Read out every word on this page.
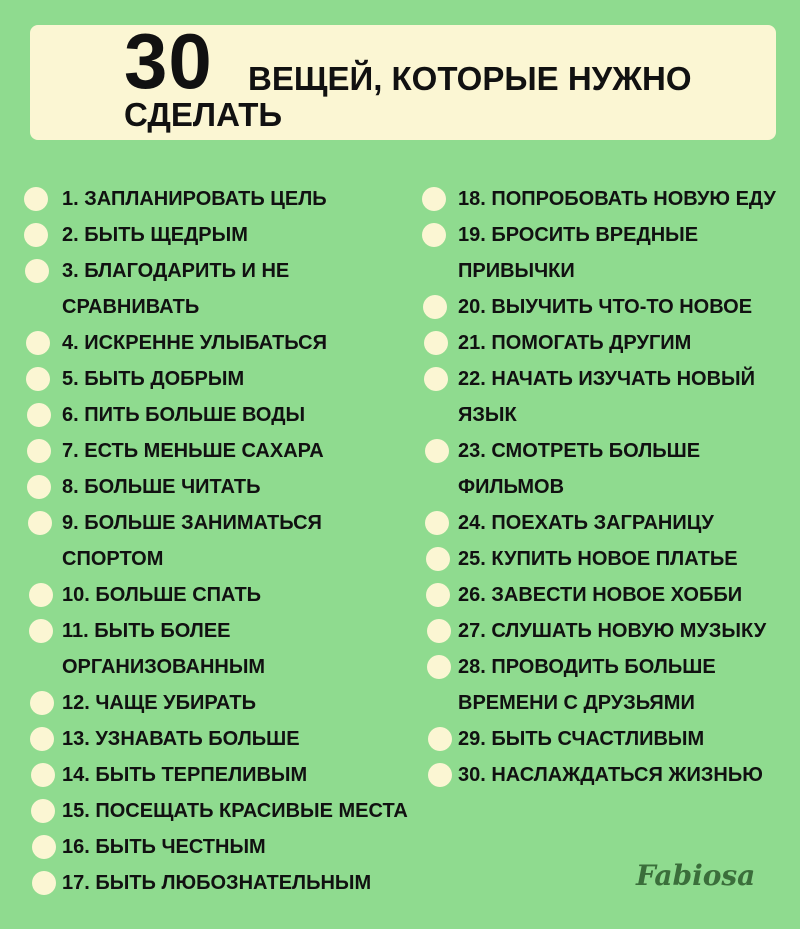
30 ВЕЩЕЙ, КОТОРЫЕ НУЖНО
СДЕЛАТЬ
1. ЗАПЛАНИРОВАТЬ ЦЕЛЬ
2. БЫТЬ ЩЕДРЫМ
3. БЛАГОДАРИТЬ И НЕ
СРАВНИВАТЬ
4. ИСКРЕННЕ УЛЫБАТЬСЯ
5. БЫТЬ ДОБРЫМ
6. ПИТЬ БОЛЬШЕ ВОДЫ
7. ЕСТЬ МЕНЬШЕ САХАРА
8. БОЛЬШЕ ЧИТАТЬ
9. БОЛЬШЕ ЗАНИМАТЬСЯ
СПОРТОМ
10. БОЛЬШЕ СПАТЬ
11. БЫТЬ БОЛЕЕ
ОРГАНИЗОВАННЫМ
12. ЧАЩЕ УБИРАТЬ
13. УЗНАВАТЬ БОЛЬШЕ
14. БЫТЬ ТЕРПЕЛИВЫМ
15. ПОСЕЩАТЬ КРАСИВЫЕ МЕСТА
16. БЫТЬ ЧЕСТНЫМ
17. БЫТЬ ЛЮБОЗНАТЕЛЬНЫМ
18. ПОПРОБОВАТЬ НОВУЮ ЕДУ
19. БРОСИТЬ ВРЕДНЫЕ
ПРИВЫЧКИ
20. ВЫУЧИТЬ ЧТО-ТО НОВОЕ
21. ПОМОГАТЬ ДРУГИМ
22. НАЧАТЬ ИЗУЧАТЬ НОВЫЙ
ЯЗЫК
23. СМОТРЕТЬ БОЛЬШЕ
ФИЛЬМОВ
24. ПОЕХАТЬ ЗАГРАНИЦУ
25. КУПИТЬ НОВОЕ ПЛАТЬЕ
26. ЗАВЕСТИ НОВОЕ ХОББИ
27. СЛУШАТЬ НОВУЮ МУЗЫКУ
28. ПРОВОДИТЬ БОЛЬШЕ
ВРЕМЕНИ С ДРУЗЬЯМИ
29. БЫТЬ СЧАСТЛИВЫМ
30. НАСЛАЖДАТЬСЯ ЖИЗНЬЮ
Fabiosa
